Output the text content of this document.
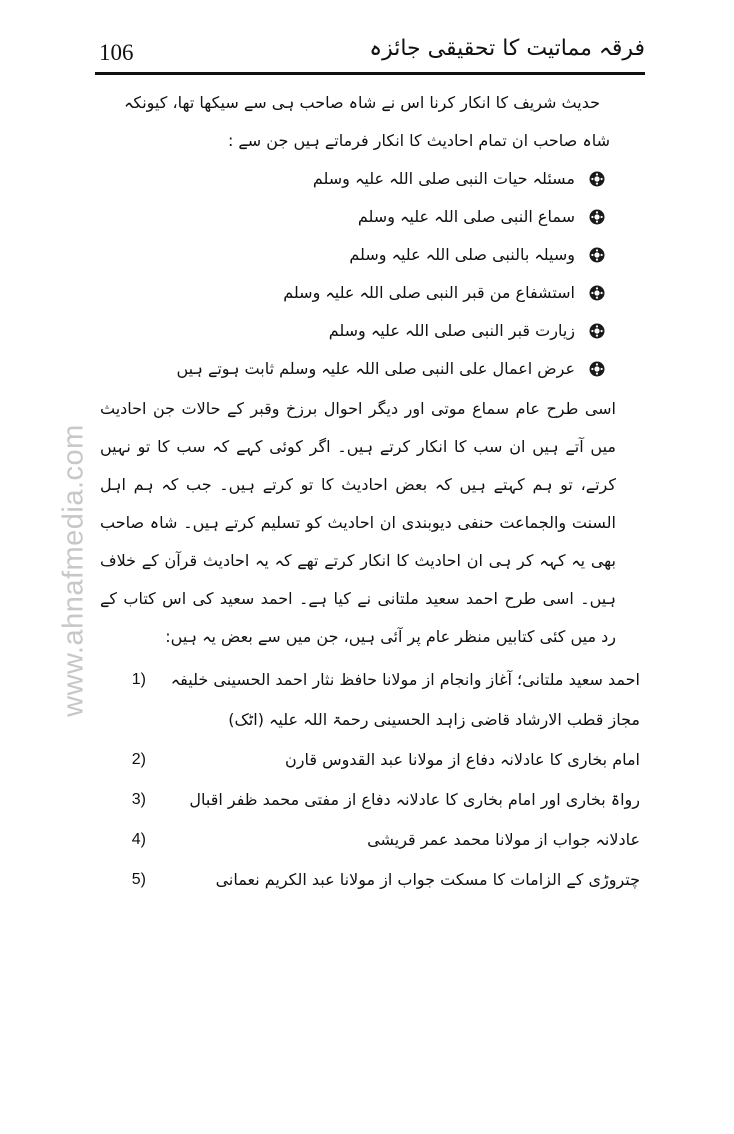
106	فرقہ مماتیت کا تحقیقی جائزہ
www.ahnafmedia.com

حدیث شریف کا انکار کرنا اس نے شاہ صاحب ہی سے سیکھا تھا، کیونکہ

شاہ صاحب ان تمام احادیث کا انکار فرماتے ہیں جن سے :

مسئلہ حیات النبی صلی اللہ علیہ وسلم
سماع النبی صلی اللہ علیہ وسلم
وسیلہ بالنبی صلی اللہ علیہ وسلم
استشفاع من قبر النبی صلی اللہ علیہ وسلم
زیارت قبر النبی صلی اللہ علیہ وسلم
عرض اعمال علی النبی صلی اللہ علیہ وسلم ثابت ہوتے ہیں

اسی طرح عام سماع موتی اور دیگر احوال برزخ وقبر کے حالات جن احادیث میں آتے ہیں ان سب کا انکار کرتے ہیں۔ اگر کوئی کہے کہ سب کا تو نہیں کرتے، تو ہم کہتے ہیں کہ بعض احادیث کا تو کرتے ہیں۔ جب کہ ہم اہل السنت والجماعت حنفی دیوبندی ان احادیث کو تسلیم کرتے ہیں۔ شاہ صاحب بھی یہ کہہ کر ہی ان احادیث کا انکار کرتے تھے کہ یہ احادیث قرآن کے خلاف ہیں۔ اسی طرح احمد سعید ملتانی نے کیا ہے۔ احمد سعید کی اس کتاب کے رد میں کئی کتابیں منظر عام پر آئی ہیں، جن میں سے بعض یہ ہیں:

احمد سعید ملتانی؛ آغاز وانجام از مولانا حافظ نثار احمد الحسینی خلیفہ مجاز قطب الارشاد قاضی زاہد الحسینی رحمۃ اللہ علیہ (اٹک)
1)
امام بخاری کا عادلانہ دفاع از مولانا عبد القدوس قارن
2)
رواۃ بخاری اور امام بخاری کا عادلانہ دفاع از مفتی محمد ظفر اقبال
3)
عادلانہ جواب از مولانا محمد عمر قریشی
4)
چتروڑی کے الزامات کا مسکت جواب از مولانا عبد الکریم نعمانی
5)
